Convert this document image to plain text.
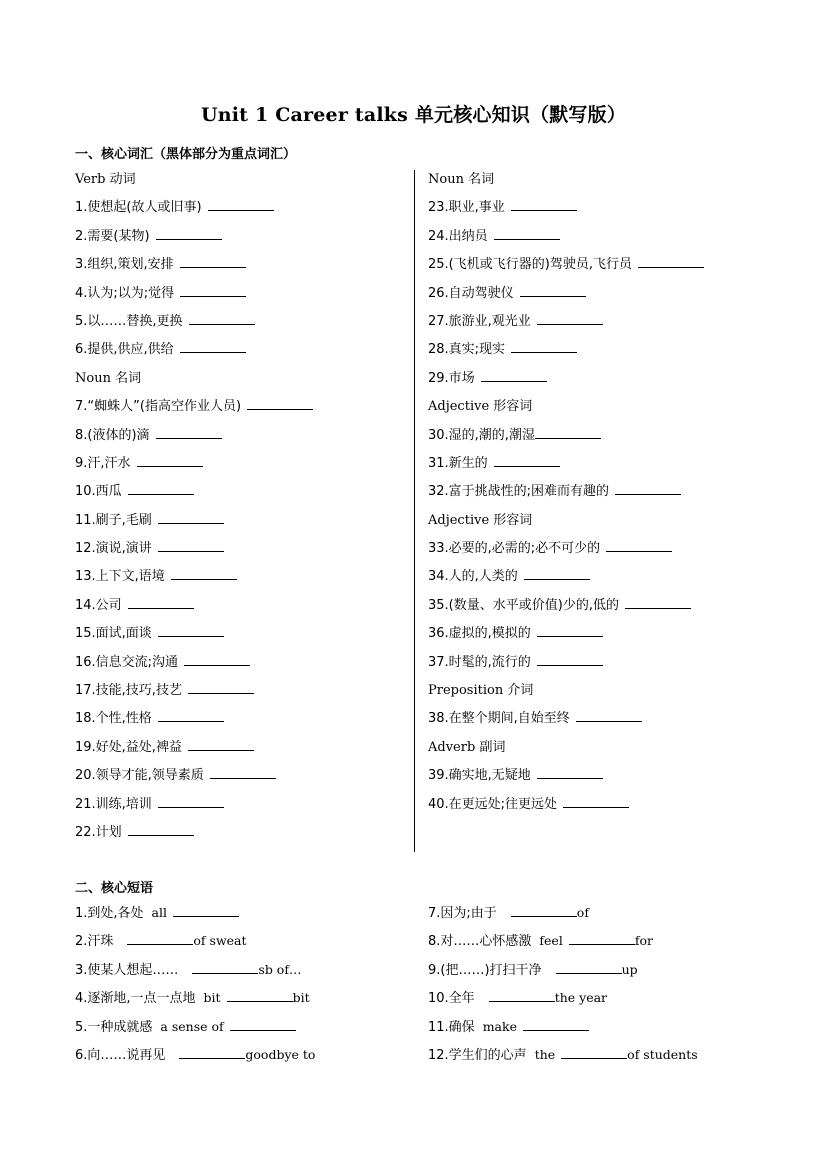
Unit 1 Career talks 单元核心知识（默写版）
一、核心词汇（黑体部分为重点词汇）
Verb 动词
1.使想起(故人或旧事)
2.需要(某物)
3.组织,策划,安排
4.认为;以为;觉得
5.以……替换,更换
6.提供,供应,供给
Noun 名词
7.“蜘蛛人”(指高空作业人员)
8.(液体的)滴
9.汗,汗水
10.西瓜
11.刷子,毛刷
12.演说,演讲
13.上下文,语境
14.公司
15.面试,面谈
16.信息交流;沟通
17.技能,技巧,技艺
18.个性,性格
19.好处,益处,裨益
20.领导才能,领导素质
21.训练,培训
22.计划
Noun 名词
23.职业,事业
24.出纳员
25.(飞机或飞行器的)驾驶员,飞行员
26.自动驾驶仪
27.旅游业,观光业
28.真实;现实
29.市场
Adjective 形容词
30.湿的,潮的,潮湿
31.新生的
32.富于挑战性的;困难而有趣的
Adjective 形容词
33.必要的,必需的;必不可少的
34.人的,人类的
35.(数量、水平或价值)少的,低的
36.虚拟的,模拟的
37.时髦的,流行的
Preposition 介词
38.在整个期间,自始至终
Adverb 副词
39.确实地,无疑地
40.在更远处;往更远处
二、核心短语
1.到处,各处 all
2.汗珠	of sweat
3.使某人想起……	sb of…
4.逐渐地,一点一点地 bit	bit
5.一种成就感 a sense of
6.向……说再见	goodbye to
7.因为;由于	of
8.对……心怀感激 feel	for
9.(把……)打扫干净	up
10.全年	the year
11.确保 make
12.学生们的心声 the	of students
